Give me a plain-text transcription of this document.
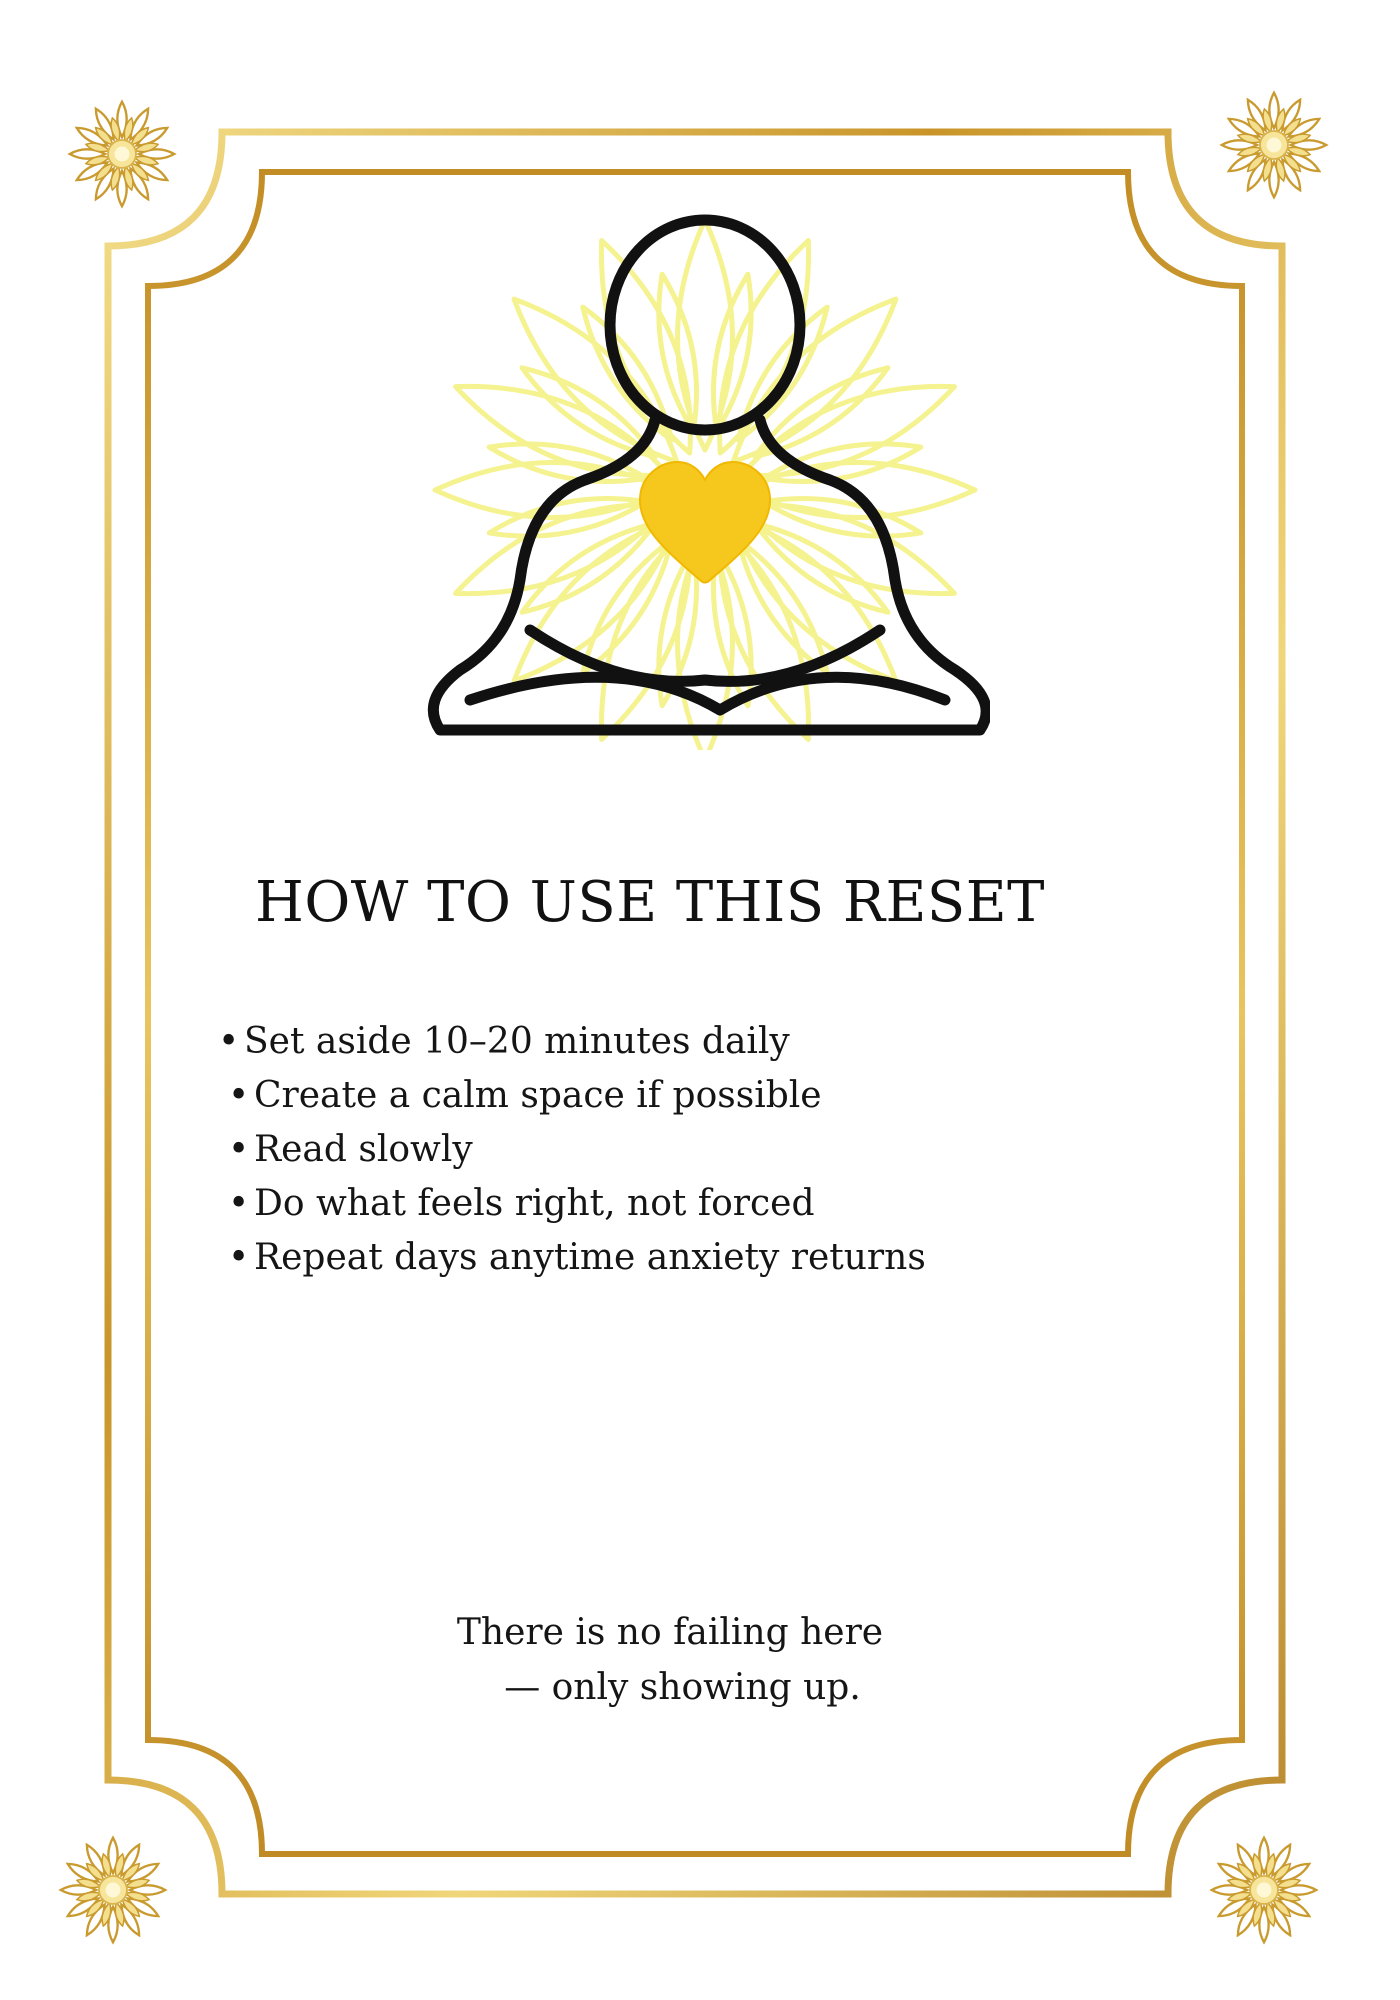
HOW TO USE THIS RESET
• Set aside 10–20 minutes daily
• Create a calm space if possible
• Read slowly
• Do what feels right, not forced
• Repeat days anytime anxiety returns
There is no failing here
— only showing up.
